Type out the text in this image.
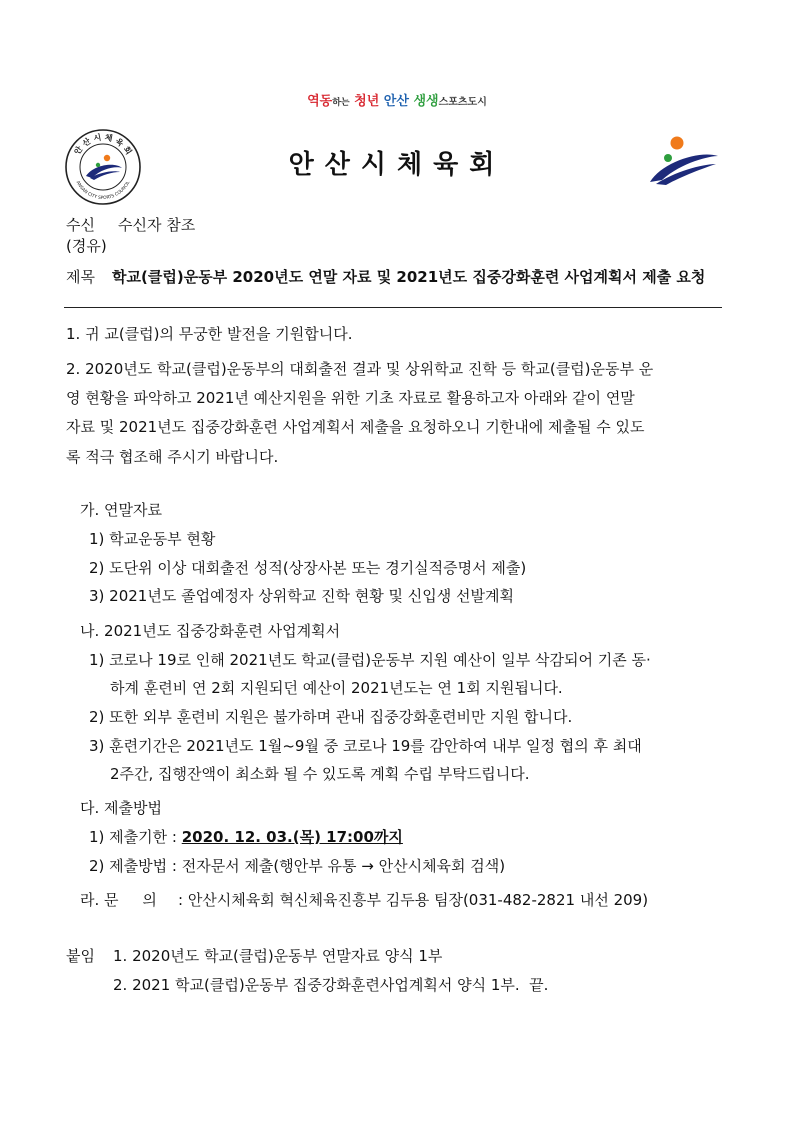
역동하는 청년 안산 생생스포츠도시
안 산 시 체 육 회
ANSAN CITY SPORTS COUNCIL
안산시체육회
수신 수신자 참조
(경유)
제목 학교(클럽)운동부 2020년도 연말 자료 및 2021년도 집중강화훈련 사업계획서 제출 요청
1. 귀 교(클럽)의 무궁한 발전을 기원합니다.
2. 2020년도 학교(클럽)운동부의 대회출전 결과 및 상위학교 진학 등 학교(클럽)운동부 운
영 현황을 파악하고 2021년 예산지원을 위한 기초 자료로 활용하고자 아래와 같이 연말
자료 및 2021년도 집중강화훈련 사업계획서 제출을 요청하오니 기한내에 제출될 수 있도
록 적극 협조해 주시기 바랍니다.
가. 연말자료
1) 학교운동부 현황
2) 도단위 이상 대회출전 성적(상장사본 또는 경기실적증명서 제출)
3) 2021년도 졸업예정자 상위학교 진학 현황 및 신입생 선발계획
나. 2021년도 집중강화훈련 사업계획서
1) 코로나 19로 인해 2021년도 학교(클럽)운동부 지원 예산이 일부 삭감되어 기존 동·
하계 훈련비 연 2회 지원되던 예산이 2021년도는 연 1회 지원됩니다.
2) 또한 외부 훈련비 지원은 불가하며 관내 집중강화훈련비만 지원 합니다.
3) 훈련기간은 2021년도 1월~9월 중 코로나 19를 감안하여 내부 일정 협의 후 최대
2주간, 집행잔액이 최소화 될 수 있도록 계획 수립 부탁드립니다.
다. 제출방법
1) 제출기한 : 2020. 12. 03.(목) 17:00까지
2) 제출방법 : 전자문서 제출(행안부 유통 → 안산시체육회 검색)
라. 문     의 : 안산시체육회 혁신체육진흥부 김두용 팀장(031-482-2821 내선 209)
붙임 1. 2020년도 학교(클럽)운동부 연말자료 양식 1부
2. 2021 학교(클럽)운동부 집중강화훈련사업계획서 양식 1부.  끝.
